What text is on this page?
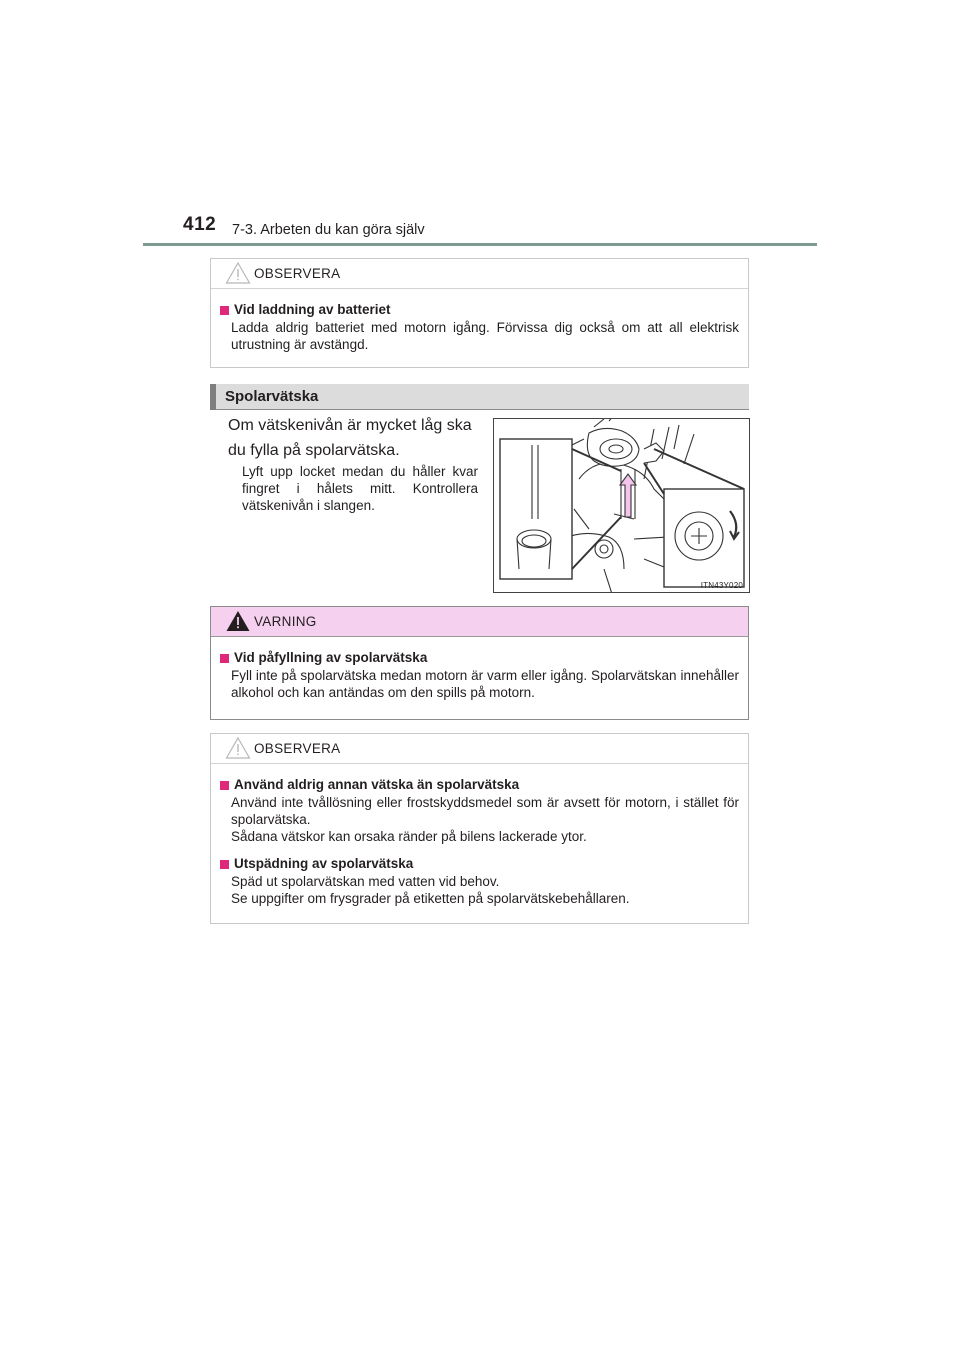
412 7-3. Arbeten du kan göra själv
OBSERVERA
Vid laddning av batteriet

Ladda aldrig batteriet med motorn igång. Förvissa dig också om att all elektrisk utrustning är avstängd.

Spolarvätska
Om vätskenivån är mycket låg ska du fylla på spolarvätska.
Lyft upp locket medan du håller kvar fingret i hålets mitt. Kontrollera vätskenivån i slangen.
ITN43Y020
VARNING
Vid påfyllning av spolarvätska

Fyll inte på spolarvätska medan motorn är varm eller igång. Spolarvätskan innehåller alkohol och kan antändas om den spills på motorn.

OBSERVERA
Använd aldrig annan vätska än spolarvätska

Använd inte tvållösning eller frostskyddsmedel som är avsett för motorn, i stället för spolarvätska.

Sådana vätskor kan orsaka ränder på bilens lackerade ytor.

Utspädning av spolarvätska

Späd ut spolarvätskan med vatten vid behov.

Se uppgifter om frysgrader på etiketten på spolarvätskebehållaren.
